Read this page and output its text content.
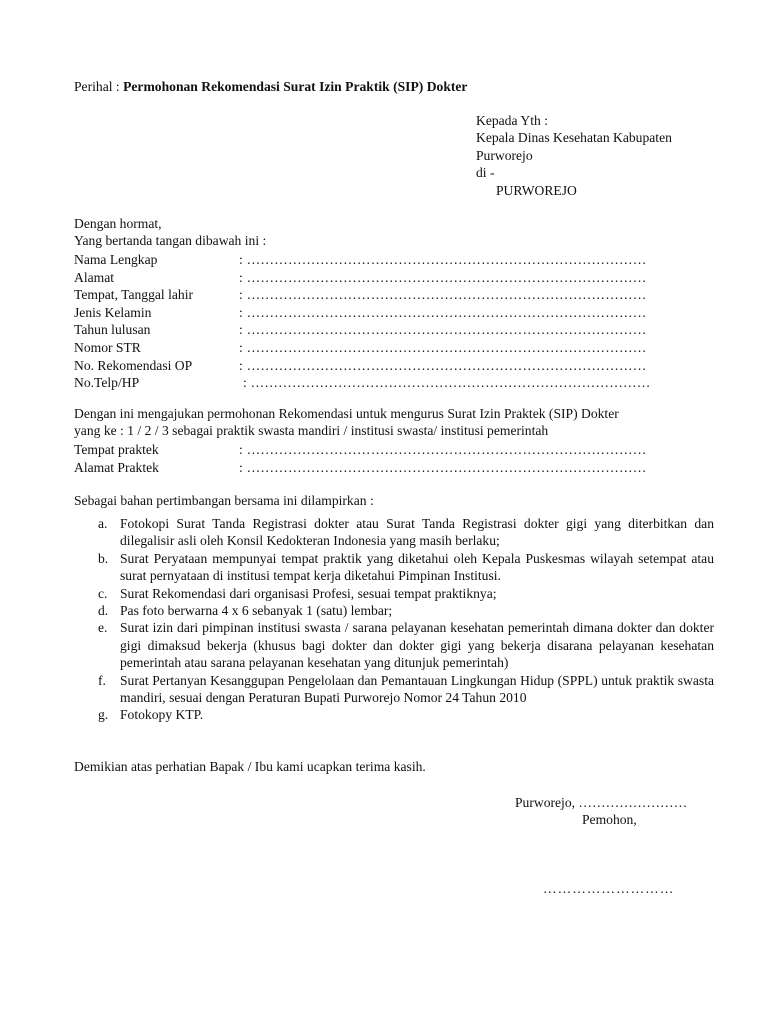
Perihal : Permohonan Rekomendasi Surat Izin Praktik (SIP) Dokter
Kepada Yth :
Kepala Dinas Kesehatan Kabupaten
Purworejo
di -
PURWOREJO
Dengan hormat,
Yang bertanda tangan dibawah ini :
Nama Lengkap	: ……………………………………………………………………………
Alamat	: ……………………………………………………………………………
Tempat, Tanggal lahir	: ……………………………………………………………………………
Jenis Kelamin	: ……………………………………………………………………………
Tahun lulusan	: ……………………………………………………………………………
Nomor STR	: ……………………………………………………………………………
No. Rekomendasi OP	: ……………………………………………………………………………
No.Telp/HP	: ……………………………………………………………………………
Dengan ini mengajukan permohonan Rekomendasi untuk mengurus Surat Izin Praktek (SIP) Dokter
yang ke : 1 / 2 / 3 sebagai praktik swasta mandiri / institusi swasta/ institusi pemerintah
Tempat praktek	: ……………………………………………………………………………
Alamat Praktek	: ……………………………………………………………………………
Sebagai bahan pertimbangan bersama ini dilampirkan :
a. Fotokopi Surat Tanda Registrasi dokter atau Surat Tanda Registrasi dokter gigi yang diterbitkan dan dilegalisir asli oleh Konsil Kedokteran Indonesia yang masih berlaku;
b. Surat Peryataan mempunyai tempat praktik yang diketahui oleh Kepala Puskesmas wilayah setempat atau surat pernyataan di institusi tempat kerja diketahui Pimpinan Institusi.
c. Surat Rekomendasi dari organisasi Profesi, sesuai tempat praktiknya;
d. Pas foto berwarna 4 x 6 sebanyak 1 (satu) lembar;
e. Surat izin dari pimpinan institusi swasta / sarana pelayanan kesehatan pemerintah dimana dokter dan dokter gigi dimaksud bekerja (khusus bagi dokter dan dokter gigi yang bekerja disarana pelayanan kesehatan pemerintah atau sarana pelayanan kesehatan yang ditunjuk pemerintah)
f. Surat Pertanyan Kesanggupan Pengelolaan dan Pemantauan Lingkungan Hidup (SPPL) untuk praktik swasta mandiri, sesuai dengan Peraturan Bupati Purworejo Nomor 24 Tahun 2010
g. Fotokopy KTP.
Demikian atas perhatian Bapak / Ibu kami ucapkan terima kasih.
Purworejo, ……………………
Pemohon,
………………………
